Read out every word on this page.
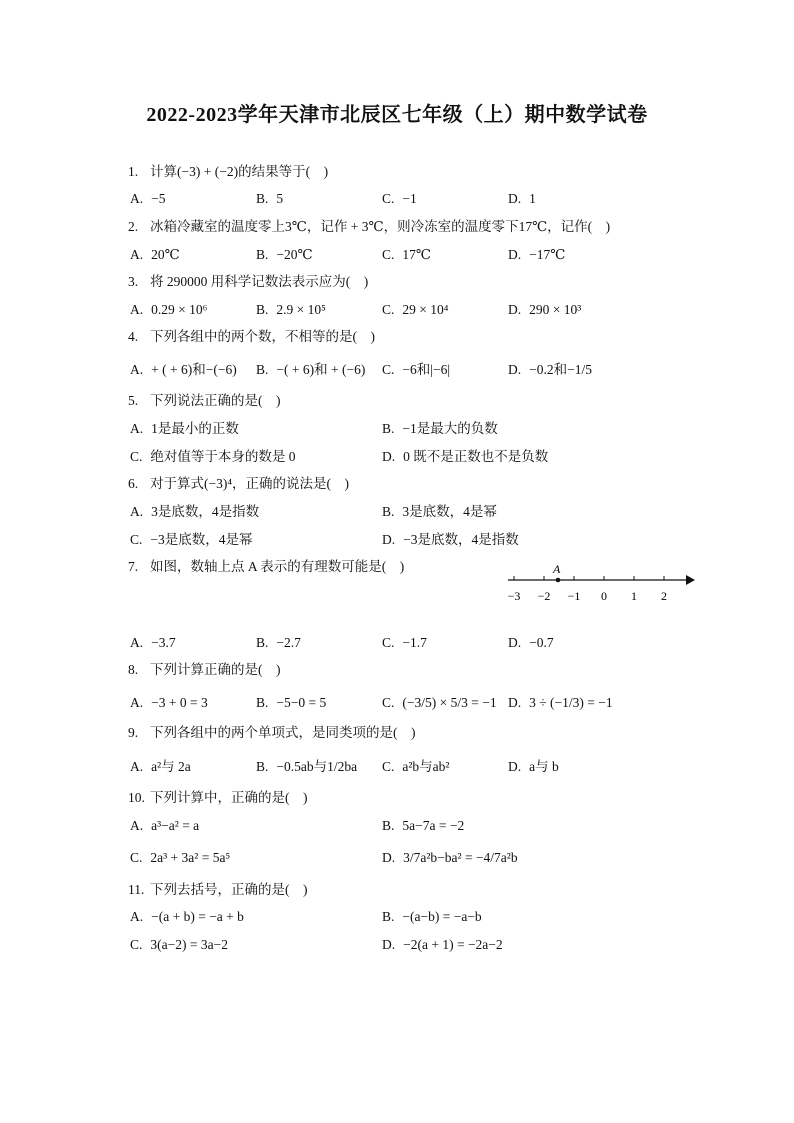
2022-2023学年天津市北辰区七年级（上）期中数学试卷
1. 计算(−3) + (−2)的结果等于(　)
A. −5	B. 5	C. −1	D. 1
2. 冰箱冷藏室的温度零上3℃，记作 + 3℃，则冷冻室的温度零下17℃，记作(　)
A. 20℃	B. −20℃	C. 17℃	D. −17℃
3. 将 290000 用科学记数法表示应为(　)
A. 0.29 × 10⁶	B. 2.9 × 10⁵	C. 29 × 10⁴	D. 290 × 10³
4. 下列各组中的两个数，不相等的是(　)
A. + ( + 6)和−(−6) B. −( + 6)和 + (−6) C. −6和|−6|	D. −0.2和−1/5
5. 下列说法正确的是(　)
A. 1是最小的正数	B. −1是最大的负数
C. 绝对值等于本身的数是 0	D. 0 既不是正数也不是负数
6. 对于算式(−3)⁴，正确的说法是(　)
A. 3是底数，4是指数	B. 3是底数，4是幂
C. −3是底数，4是幂	D. −3是底数，4是指数
7. 如图，数轴上点 A 表示的有理数可能是(　)
−3 −2 −1 0 1 2
A
A. −3.7	B. −2.7	C. −1.7	D. −0.7
8. 下列计算正确的是(　)
A. −3 + 0 = 3	B. −5−0 = 5	C. (−3/5) × 5/3 = −1 D. 3 ÷ (−1/3) = −1
9. 下列各组中的两个单项式，是同类项的是(　)
A. a²与 2a	B. −0.5ab与1/2ba C. a²b与ab²	D. a与 b
10. 下列计算中，正确的是(　)
A. a³−a² = a	B. 5a−7a = −2
C. 2a³ + 3a² = 5a⁵	D. 3/7a²b−ba² = −4/7a²b
11. 下列去括号，正确的是(　)
A. −(a + b) = −a + b	B. −(a−b) = −a−b
C. 3(a−2) = 3a−2	D. −2(a + 1) = −2a−2
